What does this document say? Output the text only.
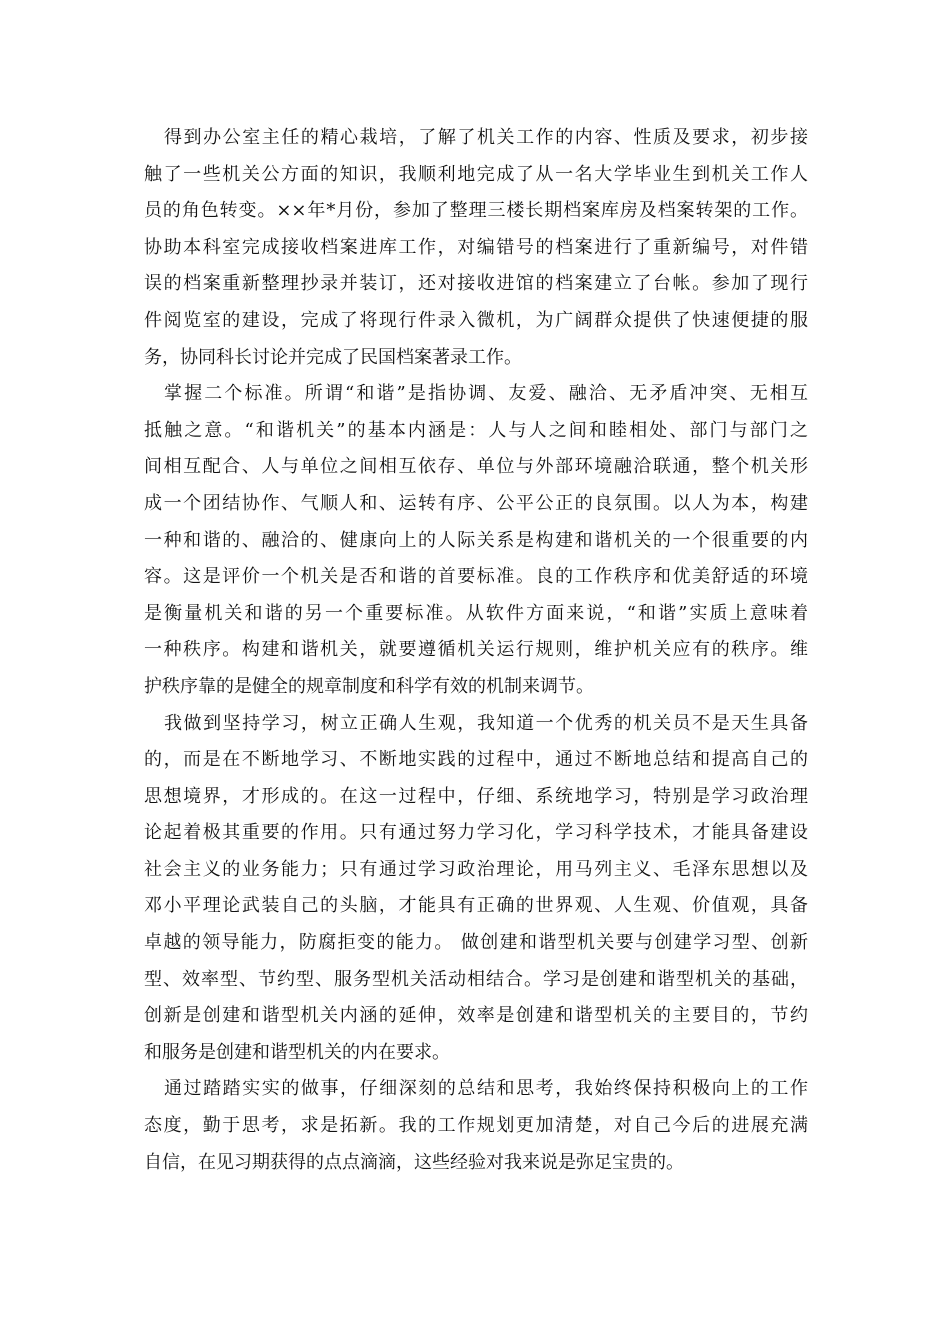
得到办公室主任的精心栽培，了解了机关工作的内容、性质及要求，初步接
触了一些机关公方面的知识，我顺利地完成了从一名大学毕业生到机关工作人
员的角色转变。××年*月份，参加了整理三楼长期档案库房及档案转架的工作。
协助本科室完成接收档案进库工作，对编错号的档案进行了重新编号，对件错
误的档案重新整理抄录并装订，还对接收进馆的档案建立了台帐。参加了现行
件阅览室的建设，完成了将现行件录入微机，为广阔群众提供了快速便捷的服
务，协同科长讨论并完成了民国档案著录工作。
掌握二个标准。所谓“和谐”是指协调、友爱、融洽、无矛盾冲突、无相互
抵触之意。“和谐机关”的基本内涵是：人与人之间和睦相处、部门与部门之
间相互配合、人与单位之间相互依存、单位与外部环境融洽联通，整个机关形
成一个团结协作、气顺人和、运转有序、公平公正的良氛围。以人为本，构建
一种和谐的、融洽的、健康向上的人际关系是构建和谐机关的一个很重要的内
容。这是评价一个机关是否和谐的首要标准。良的工作秩序和优美舒适的环境
是衡量机关和谐的另一个重要标准。从软件方面来说，“和谐”实质上意味着
一种秩序。构建和谐机关，就要遵循机关运行规则，维护机关应有的秩序。维
护秩序靠的是健全的规章制度和科学有效的机制来调节。
我做到坚持学习，树立正确人生观，我知道一个优秀的机关员不是天生具备
的，而是在不断地学习、不断地实践的过程中，通过不断地总结和提高自己的
思想境界，才形成的。在这一过程中，仔细、系统地学习，特别是学习政治理
论起着极其重要的作用。只有通过努力学习化，学习科学技术，才能具备建设
社会主义的业务能力；只有通过学习政治理论，用马列主义、毛泽东思想以及
邓小平理论武装自己的头脑，才能具有正确的世界观、人生观、价值观，具备
卓越的领导能力，防腐拒变的能力。 做创建和谐型机关要与创建学习型、创新
型、效率型、节约型、服务型机关活动相结合。学习是创建和谐型机关的基础，
创新是创建和谐型机关内涵的延伸，效率是创建和谐型机关的主要目的，节约
和服务是创建和谐型机关的内在要求。
通过踏踏实实的做事，仔细深刻的总结和思考，我始终保持积极向上的工作
态度，勤于思考，求是拓新。我的工作规划更加清楚，对自己今后的进展充满
自信，在见习期获得的点点滴滴，这些经验对我来说是弥足宝贵的。
